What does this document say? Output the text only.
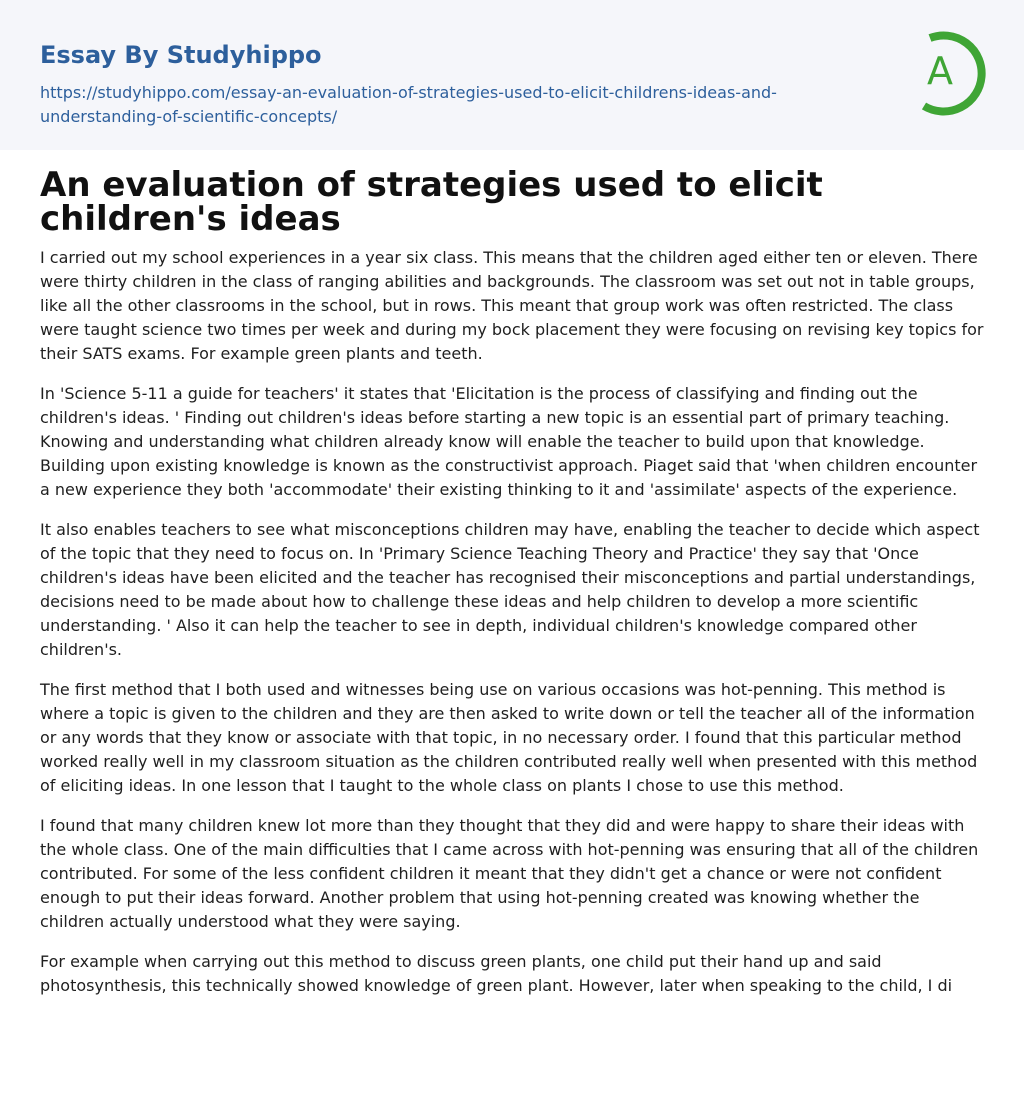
Essay By Studyhippo
https://studyhippo.com/essay-an-evaluation-of-strategies-used-to-elicit-childrens-ideas-and-understanding-of-scientific-concepts/
A
An evaluation of strategies used to elicit children's ideas

I carried out my school experiences in a year six class. This means that the children aged either ten or eleven. There were thirty children in the class of ranging abilities and backgrounds. The classroom was set out not in table groups, like all the other classrooms in the school, but in rows. This meant that group work was often restricted. The class were taught science two times per week and during my bock placement they were focusing on revising key topics for their SATS exams. For example green plants and teeth.

In 'Science 5-11 a guide for teachers' it states that 'Elicitation is the process of classifying and finding out the children's ideas. ' Finding out children's ideas before starting a new topic is an essential part of primary teaching. Knowing and understanding what children already know will enable the teacher to build upon that knowledge. Building upon existing knowledge is known as the constructivist approach. Piaget said that 'when children encounter a new experience they both 'accommodate' their existing thinking to it and 'assimilate' aspects of the experience.

It also enables teachers to see what misconceptions children may have, enabling the teacher to decide which aspect of the topic that they need to focus on. In 'Primary Science Teaching Theory and Practice' they say that 'Once children's ideas have been elicited and the teacher has recognised their misconceptions and partial understandings, decisions need to be made about how to challenge these ideas and help children to develop a more scientific understanding. ' Also it can help the teacher to see in depth, individual children's knowledge compared other children's.

The first method that I both used and witnesses being use on various occasions was hot-penning. This method is where a topic is given to the children and they are then asked to write down or tell the teacher all of the information or any words that they know or associate with that topic, in no necessary order. I found that this particular method worked really well in my classroom situation as the children contributed really well when presented with this method of eliciting ideas. In one lesson that I taught to the whole class on plants I chose to use this method.

I found that many children knew lot more than they thought that they did and were happy to share their ideas with the whole class. One of the main difficulties that I came across with hot-penning was ensuring that all of the children contributed. For some of the less confident children it meant that they didn't get a chance or were not confident enough to put their ideas forward. Another problem that using hot-penning created was knowing whether the children actually understood what they were saying.

For example when carrying out this method to discuss green plants, one child put their hand up and said photosynthesis, this technically showed knowledge of green plant. However, later when speaking to the child, I di
